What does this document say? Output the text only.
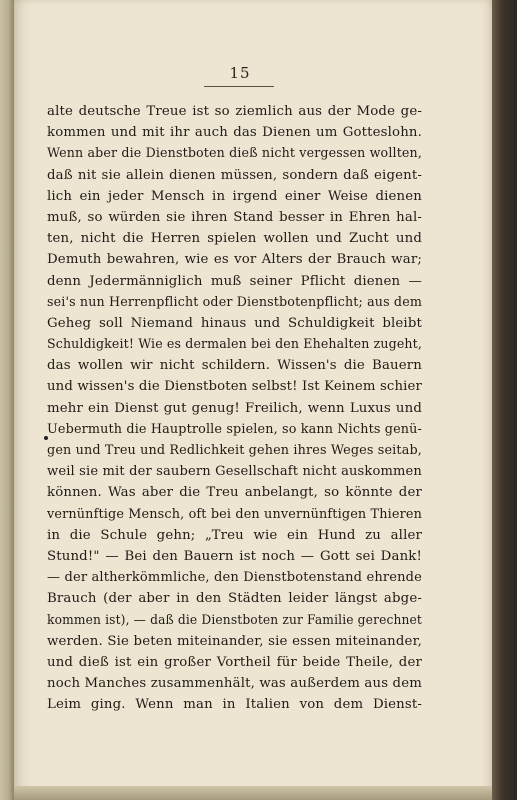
15
alte deutsche Treue ist so ziemlich aus der Mode ge-
kommen und mit ihr auch das Dienen um Gotteslohn.
Wenn aber die Dienstboten dieß nicht vergessen wollten,
daß nit sie allein dienen müssen, sondern daß eigent-
lich ein jeder Mensch in irgend einer Weise dienen
muß, so würden sie ihren Stand besser in Ehren hal-
ten, nicht die Herren spielen wollen und Zucht und
Demuth bewahren, wie es vor Alters der Brauch war;
denn Jedermänniglich muß seiner Pflicht dienen —
sei's nun Herrenpflicht oder Dienstbotenpflicht; aus dem
Geheg soll Niemand hinaus und Schuldigkeit bleibt
Schuldigkeit! Wie es dermalen bei den Ehehalten zugeht,
das wollen wir nicht schildern. Wissen's die Bauern
und wissen's die Dienstboten selbst! Ist Keinem schier
mehr ein Dienst gut genug! Freilich, wenn Luxus und
Uebermuth die Hauptrolle spielen, so kann Nichts genü-
gen und Treu und Redlichkeit gehen ihres Weges seitab,
weil sie mit der saubern Gesellschaft nicht auskommen
können. Was aber die Treu anbelangt, so könnte der
vernünftige Mensch, oft bei den unvernünftigen Thieren
in die Schule gehn; „Treu wie ein Hund zu aller
Stund!" — Bei den Bauern ist noch — Gott sei Dank!
— der altherkömmliche, den Dienstbotenstand ehrende
Brauch (der aber in den Städten leider längst abge-
kommen ist), — daß die Dienstboten zur Familie gerechnet
werden. Sie beten miteinander, sie essen miteinander,
und dieß ist ein großer Vortheil für beide Theile, der
noch Manches zusammenhält, was außerdem aus dem
Leim ging. Wenn man in Italien von dem Dienst-
